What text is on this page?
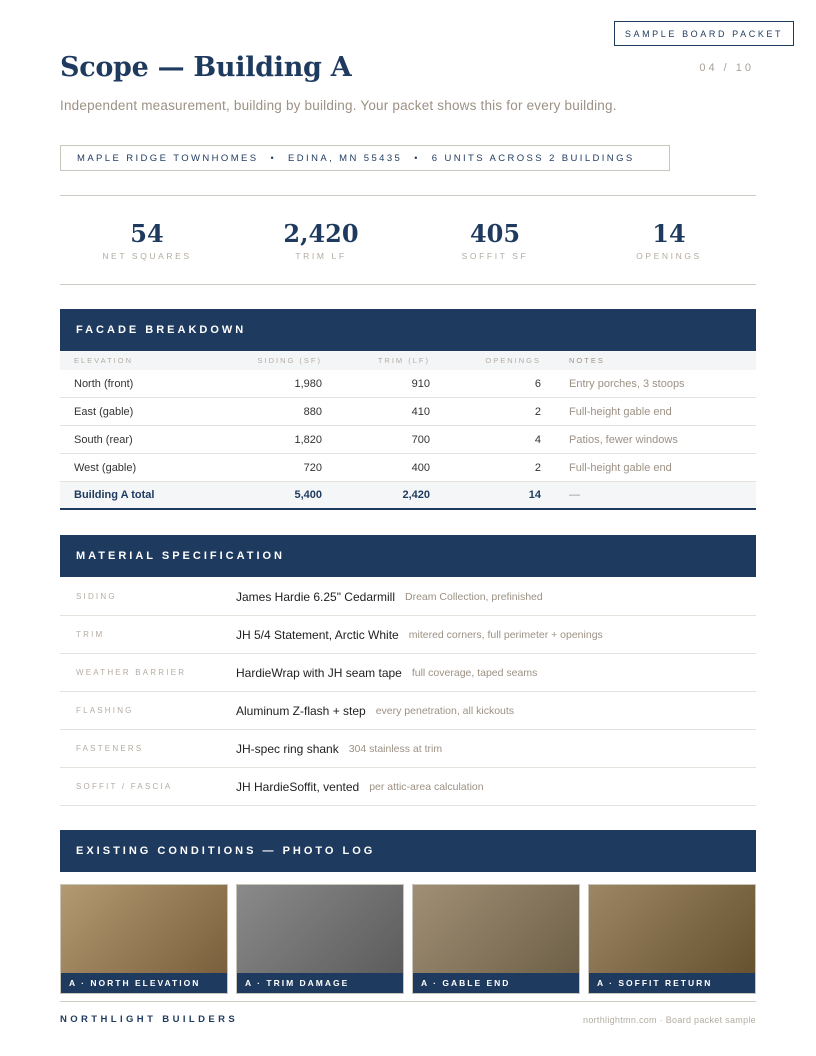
SAMPLE BOARD PACKET
Scope — Building A	04 / 10

Independent measurement, building by building. Your packet shows this for every building.

MAPLE RIDGE TOWNHOMES • EDINA, MN 55435 • 6 UNITS ACROSS 2 BUILDINGS
54
NET SQUARES
2,420
TRIM LF
405
SOFFIT SF
14
OPENINGS
FACADE BREAKDOWN
ELEVATION	SIDING (SF)	TRIM (LF)	OPENINGS	NOTES
North (front)	1,980	910	6	Entry porches, 3 stoops
East (gable)	880	410	2	Full-height gable end
South (rear)	1,820	700	4	Patios, fewer windows
West (gable)	720	400	2	Full-height gable end
Building A total	5,400	2,420	14	—
MATERIAL SPECIFICATION
SIDING	James Hardie 6.25" Cedarmill Dream Collection, prefinished
TRIM	JH 5/4 Statement, Arctic White mitered corners, full perimeter + openings
WEATHER BARRIER	HardieWrap with JH seam tape full coverage, taped seams
FLASHING	Aluminum Z-flash + step every penetration, all kickouts
FASTENERS	JH-spec ring shank 304 stainless at trim
SOFFIT / FASCIA	JH HardieSoffit, vented per attic-area calculation
EXISTING CONDITIONS — PHOTO LOG
A · NORTH ELEVATION	A · TRIM DAMAGE	A · GABLE END	A · SOFFIT RETURN
NORTHLIGHT BUILDERS	northlightmn.com · Board packet sample
